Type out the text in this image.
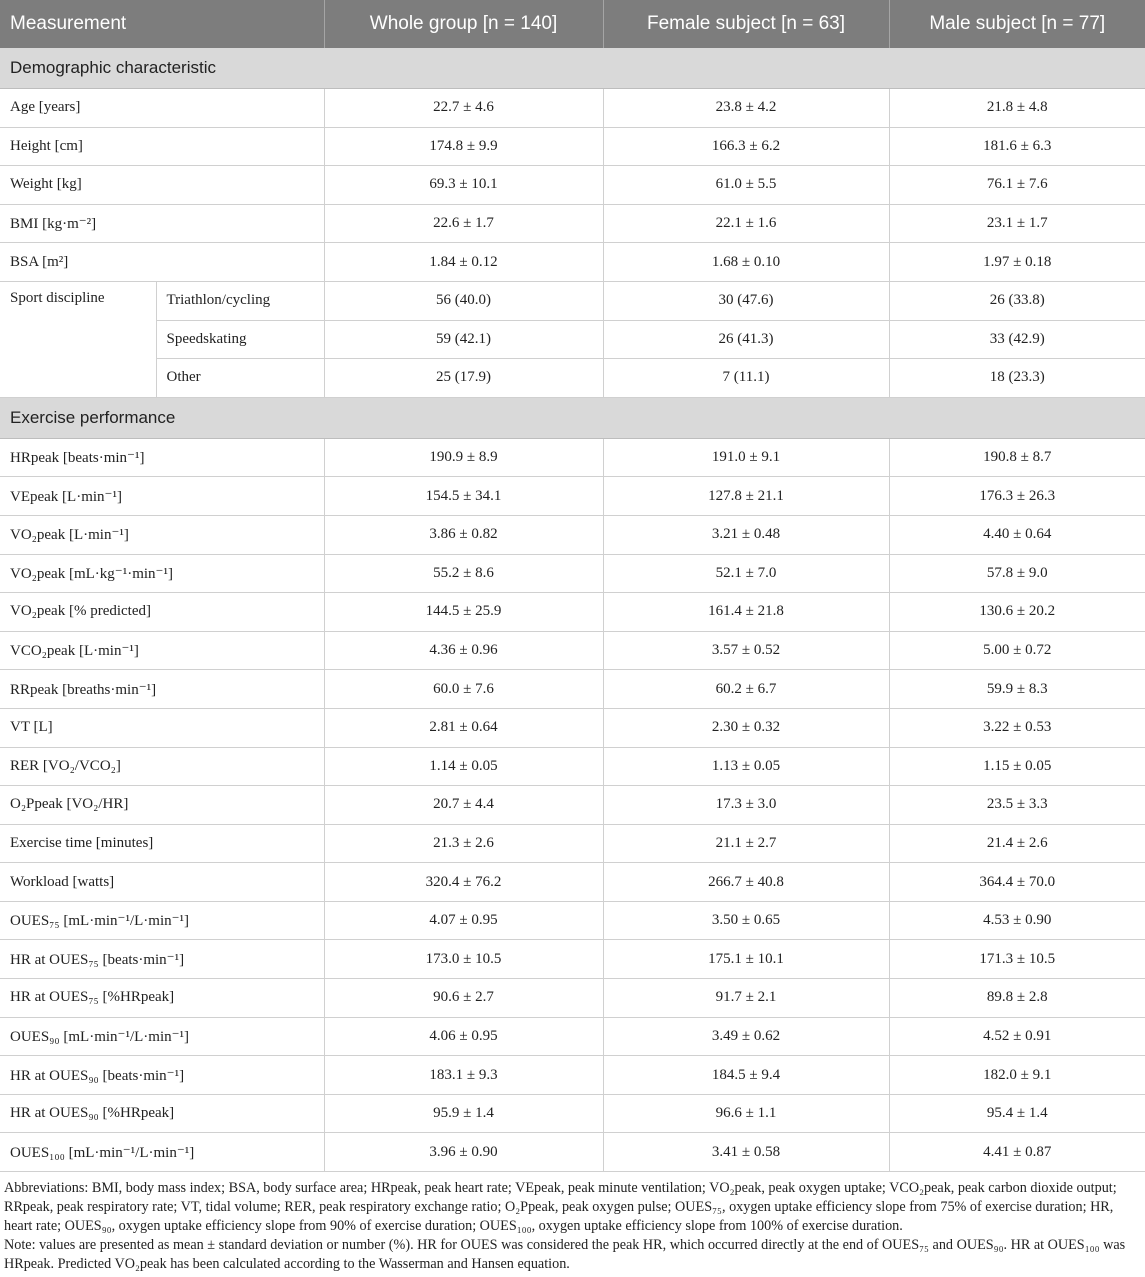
Measurement		Whole group [n = 140]	Female subject [n = 63]	Male subject [n = 77]
Demographic characteristic				
Age [years]		22.7 ± 4.6	23.8 ± 4.2	21.8 ± 4.8
Height [cm]		174.8 ± 9.9	166.3 ± 6.2	181.6 ± 6.3
Weight [kg]		69.3 ± 10.1	61.0 ± 5.5	76.1 ± 7.6
BMI [kg·m⁻²]		22.6 ± 1.7	22.1 ± 1.6	23.1 ± 1.7
BSA [m²]		1.84 ± 0.12	1.68 ± 0.10	1.97 ± 0.18
Sport discipline	Triathlon/cycling	56 (40.0)	30 (47.6)	26 (33.8)
	Speedskating	59 (42.1)	26 (41.3)	33 (42.9)
	Other	25 (17.9)	7 (11.1)	18 (23.3)
Exercise performance				
HRpeak [beats·min⁻¹]		190.9 ± 8.9	191.0 ± 9.1	190.8 ± 8.7
VEpeak [L·min⁻¹]		154.5 ± 34.1	127.8 ± 21.1	176.3 ± 26.3
VO₂peak [L·min⁻¹]		3.86 ± 0.82	3.21 ± 0.48	4.40 ± 0.64
VO₂peak [mL·kg⁻¹·min⁻¹]		55.2 ± 8.6	52.1 ± 7.0	57.8 ± 9.0
VO₂peak [% predicted]		144.5 ± 25.9	161.4 ± 21.8	130.6 ± 20.2
VCO₂peak [L·min⁻¹]		4.36 ± 0.96	3.57 ± 0.52	5.00 ± 0.72
RRpeak [breaths·min⁻¹]		60.0 ± 7.6	60.2 ± 6.7	59.9 ± 8.3
VT [L]		2.81 ± 0.64	2.30 ± 0.32	3.22 ± 0.53
RER [VO₂/VCO₂]		1.14 ± 0.05	1.13 ± 0.05	1.15 ± 0.05
O₂Ppeak [VO₂/HR]		20.7 ± 4.4	17.3 ± 3.0	23.5 ± 3.3
Exercise time [minutes]		21.3 ± 2.6	21.1 ± 2.7	21.4 ± 2.6
Workload [watts]		320.4 ± 76.2	266.7 ± 40.8	364.4 ± 70.0
OUES₇₅ [mL·min⁻¹/L·min⁻¹]		4.07 ± 0.95	3.50 ± 0.65	4.53 ± 0.90
HR at OUES₇₅ [beats·min⁻¹]		173.0 ± 10.5	175.1 ± 10.1	171.3 ± 10.5
HR at OUES₇₅ [%HRpeak]		90.6 ± 2.7	91.7 ± 2.1	89.8 ± 2.8
OUES₉₀ [mL·min⁻¹/L·min⁻¹]		4.06 ± 0.95	3.49 ± 0.62	4.52 ± 0.91
HR at OUES₉₀ [beats·min⁻¹]		183.1 ± 9.3	184.5 ± 9.4	182.0 ± 9.1
HR at OUES₉₀ [%HRpeak]		95.9 ± 1.4	96.6 ± 1.1	95.4 ± 1.4
OUES₁₀₀ [mL·min⁻¹/L·min⁻¹]		3.96 ± 0.90	3.41 ± 0.58	4.41 ± 0.87

Abbreviations: BMI, body mass index; BSA, body surface area; HRpeak, peak heart rate; VEpeak, peak minute ventilation; VO₂peak, peak oxygen uptake; VCO₂peak, peak carbon dioxide output; RRpeak, peak respiratory rate; VT, tidal volume; RER, peak respiratory exchange ratio; O₂Ppeak, peak oxygen pulse; OUES₇₅, oxygen uptake efficiency slope from 75% of exercise duration; HR, heart rate; OUES₉₀, oxygen uptake efficiency slope from 90% of exercise duration; OUES₁₀₀, oxygen uptake efficiency slope from 100% of exercise duration.

Note: values are presented as mean ± standard deviation or number (%). HR for OUES was considered the peak HR, which occurred directly at the end of OUES₇₅ and OUES₉₀. HR at OUES₁₀₀ was HRpeak. Predicted VO₂peak has been calculated according to the Wasserman and Hansen equation.
